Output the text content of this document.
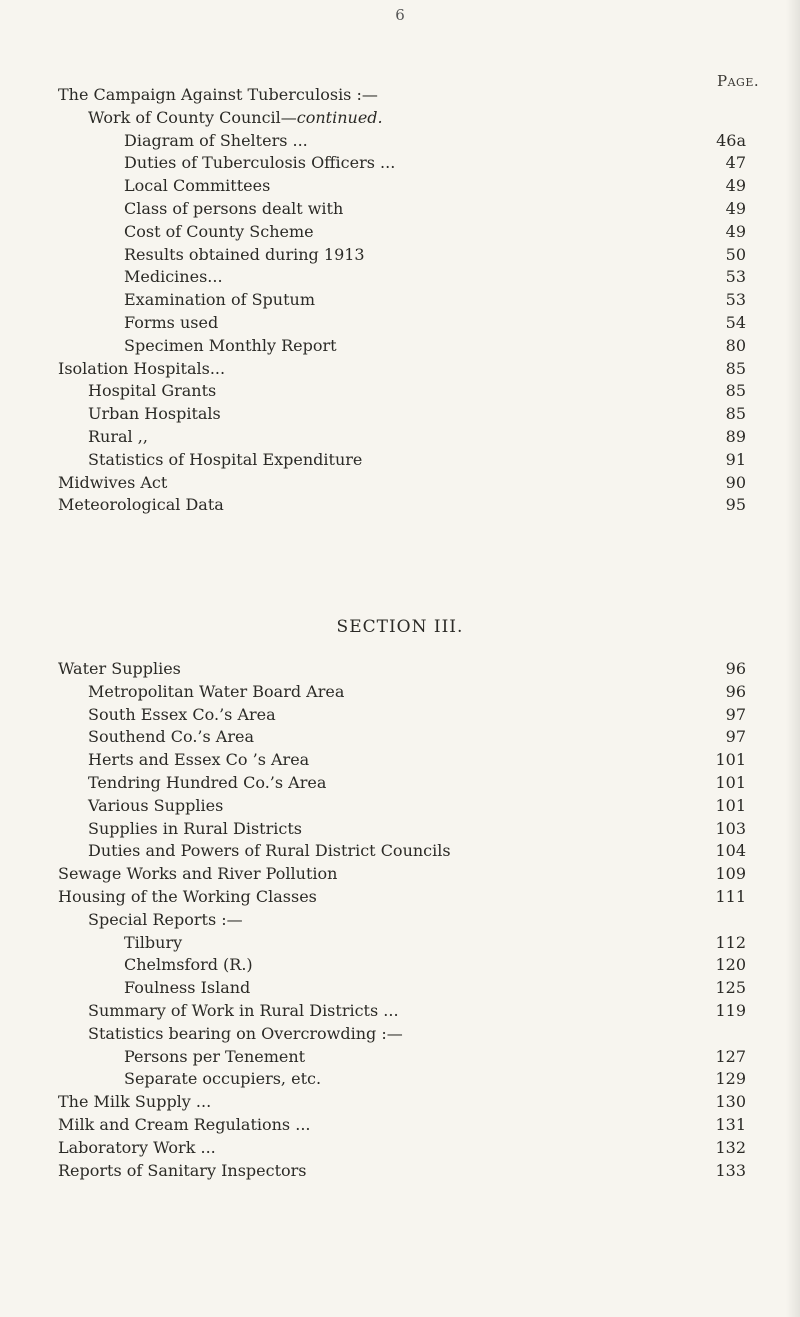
6
Page.
The Campaign Against Tuberculosis :—
Work of County Council—continued.
Diagram of Shelters ...	46a
Duties of Tuberculosis Officers ...	47
Local Committees	49
Class of persons dealt with	49
Cost of County Scheme	49
Results obtained during 1913	50
Medicines...	53
Examination of Sputum	53
Forms used	54
Specimen Monthly Report	80
Isolation Hospitals...	85
Hospital Grants	85
Urban Hospitals	85
Rural ,,	89
Statistics of Hospital Expenditure	91
Midwives Act	90
Meteorological Data	95
SECTION III.
Water Supplies	96
Metropolitan Water Board Area	96
South Essex Co.’s Area	97
Southend Co.’s Area	97
Herts and Essex Co ’s Area	101
Tendring Hundred Co.’s Area	101
Various Supplies	101
Supplies in Rural Districts	103
Duties and Powers of Rural District Councils	104
Sewage Works and River Pollution	109
Housing of the Working Classes	111
Special Reports :—
Tilbury	112
Chelmsford (R.)	120
Foulness Island	125
Summary of Work in Rural Districts ...	119
Statistics bearing on Overcrowding :—
Persons per Tenement	127
Separate occupiers, etc.	129
The Milk Supply ...	130
Milk and Cream Regulations ...	131
Laboratory Work ...	132
Reports of Sanitary Inspectors	133
